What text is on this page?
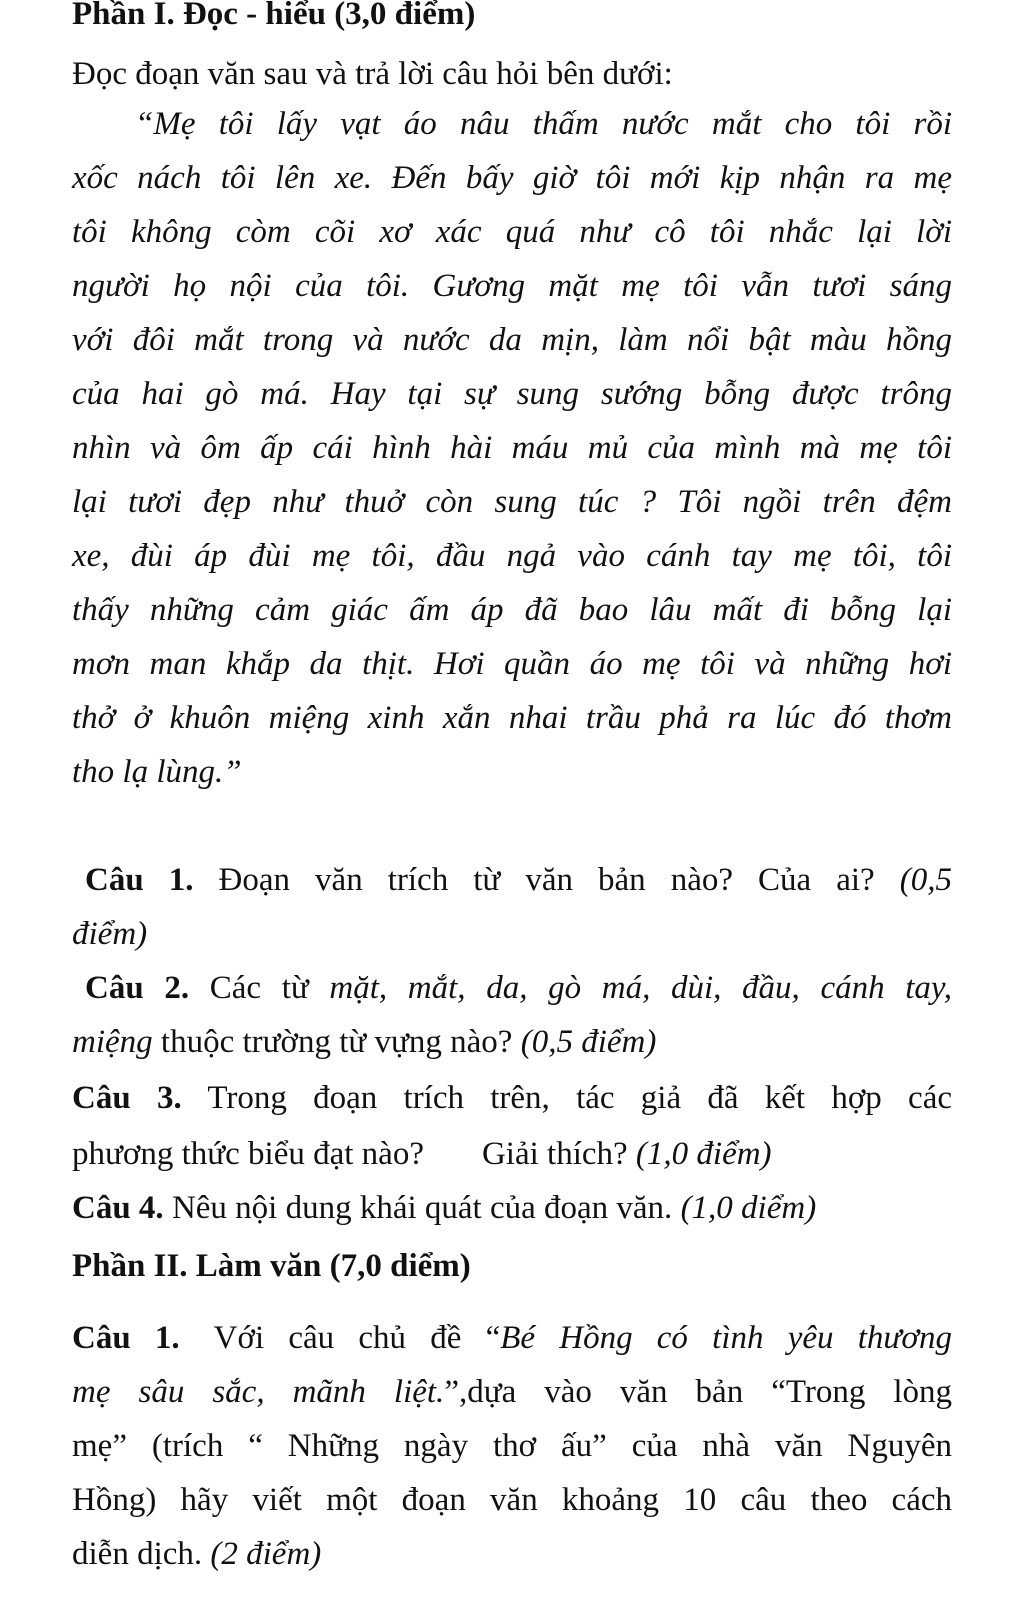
Phần I. Đọc - hiểu (3,0 điểm)
Đọc đoạn văn sau và trả lời câu hỏi bên dưới:
“Mẹ tôi lấy vạt áo nâu thấm nước mắt cho tôi rồi
xốc nách tôi lên xe. Đến bấy giờ tôi mới kịp nhận ra mẹ
tôi không còm cõi xơ xác quá như cô tôi nhắc lại lời
người họ nội của tôi. Gương mặt mẹ tôi vẫn tươi sáng
với đôi mắt trong và nước da mịn, làm nổi bật màu hồng
của hai gò má. Hay tại sự sung sướng bỗng được trông
nhìn và ôm ấp cái hình hài máu mủ của mình mà mẹ tôi
lại tươi đẹp như thuở còn sung túc ? Tôi ngồi trên đệm
xe, đùi áp đùi mẹ tôi, đầu ngả vào cánh tay mẹ tôi, tôi
thấy những cảm giác ấm áp đã bao lâu mất đi bỗng lại
mơn man khắp da thịt. Hơi quần áo mẹ tôi và những hơi
thở ở khuôn miệng xinh xắn nhai trầu phả ra lúc đó thơm
tho lạ lùng.”
Câu 1. Đoạn văn trích từ văn bản nào? Của ai? (0,5
điểm)
Câu 2. Các từ mặt, mắt, da, gò má, dùi, đầu, cánh tay,
miệng thuộc trường từ vựng nào? (0,5 điểm)
Câu 3. Trong đoạn trích trên, tác giả đã kết hợp các
phương thức biểu đạt nào? Giải thích? (1,0 điểm)
Câu 4. Nêu nội dung khái quát của đoạn văn. (1,0 diểm)
Phần II. Làm văn (7,0 diểm)
Câu 1. Với câu chủ đề “Bé Hồng có tình yêu thương
mẹ sâu sắc, mãnh liệt.”,dựa vào văn bản “Trong lòng
mẹ” (trích “ Những ngày thơ ấu” của nhà văn Nguyên
Hồng) hãy viết một đoạn văn khoảng 10 câu theo cách
diễn dịch. (2 điểm)
